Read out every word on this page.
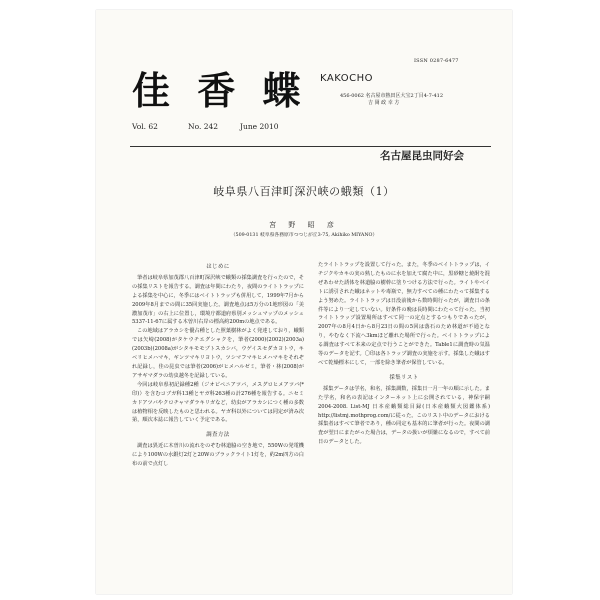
ISSN 0287-6477
佳 香 蝶 KAKOCHO
456-0062 名古屋市熱田区大宝2丁目4-7-412
吉 岡 政 幸 方
Vol. 62	No. 242	June 2010
名古屋昆虫同好会
岐阜県八百津町深沢峡の蛾類（1）
宮 野 昭 彦
（509-0131 岐阜県各務原市つつじが丘3-75, Akihiko MIYANO）
はじめに

筆者は岐阜県加茂郡八百津町深沢峡で蛾類の採集調査を行ったので，その採集リストを報告する。調査は年間にわたり，夜間のライトトラップによる採集を中心に，冬季にはベイトトラップも併用して，1999年7月から2009年8月までの間に35回実施した。調査地点は5万分の1地形図の「美濃加茂市」の右上に位置し，環境庁都道府県別メッシュマップのメッシュ5337-11-67に属する木曽川右岸の標高約200mの地点である。

この地域はアラカシを優占種とした照葉樹林がよく発達しており，蛾類では矢崎(2008)がタケウチエグシャクを，筆者(2000)(2002)(2003a)(2003b)(2008a)がシタキモモブトスカシバ，ウゲイスセダカヨトウ，キベリヒメハマキ，ギンツマキリヨトウ，ツシマフマキヒメハマキをそれぞれ記録し，佳の昆虫では筆者(2006)がヒメハルゼミ，筆者・林(2008)がアサギマダラの幼虫越冬を記録している。

今回は岐阜県初記録種2種（ジオビペニアツバ，メスグロヒメアツバ(*印)）を含むコブガ科13種とヤガ科263種の計276種を報告する。ニセミカドアツバやクロチャマダラキリガなど，幼虫がアラカシにつく種の多数は植物相を反映したものと思われる。ヤガ科以外については同定が済み次第，順次本誌に報告していく予定である。

調査方法

調査は異近に木曽川の流れをのぞむ林道脇の空き地で，550Wの発電機により100Wの水銀灯2灯と20Wのブラックライト1灯を，約2m四方の白布の前で点灯し

たライトトラップを設置して行った。また，冬季のベイトトラップは，イチジクやカキの実の熟したものに水を加えて腐た中に，黒砂糖と焼酎を混ぜあわせた誘体を林道脇の樹幹に塗りつける方法で行った。ライトやベイトに誘引された蛾はネットや毒瓶で，無力すべての種にわたって採集するよう努めた。ライトトラップは日没前後から数時間行ったが，調査日の条件等により一定していない。好条件の晩は長時間にわたって行った。当初ライトトラップ設置場所はすべて同一の定点とするつもりであったが，2007年の8月4日から8月23日の間の5回は落石のため林道が不通となり，やむなく下流へ3kmほど離れた場所で行った。ベイトトラップによる調査はすべて本来の定点で行うことができた。Table1に調査時の気温等のデータを記す。〇印は各トラップ調査の実施を示す。採集した蛾はすべて乾燥標本にして，一部を除き筆者が保管している。

採集リスト

採集データは学名，和名，採集調数，採集日一月一年の順に示した。また学名，和名の表記はインターネット上に公開されている，神保宇嗣2004-2008. List-MJ 日本産蛾類総目録(日本産蛾類大図鑑体系) http://listmj.mothprog.com/に従った。このリスト中のデータにおける採集者はすべて筆者であり，種の同定も基本的に筆者が行った。夜間の調査が翌日にまたがった場合は，データの扱いが煩雑になるので，すべて前日のデータとした。
